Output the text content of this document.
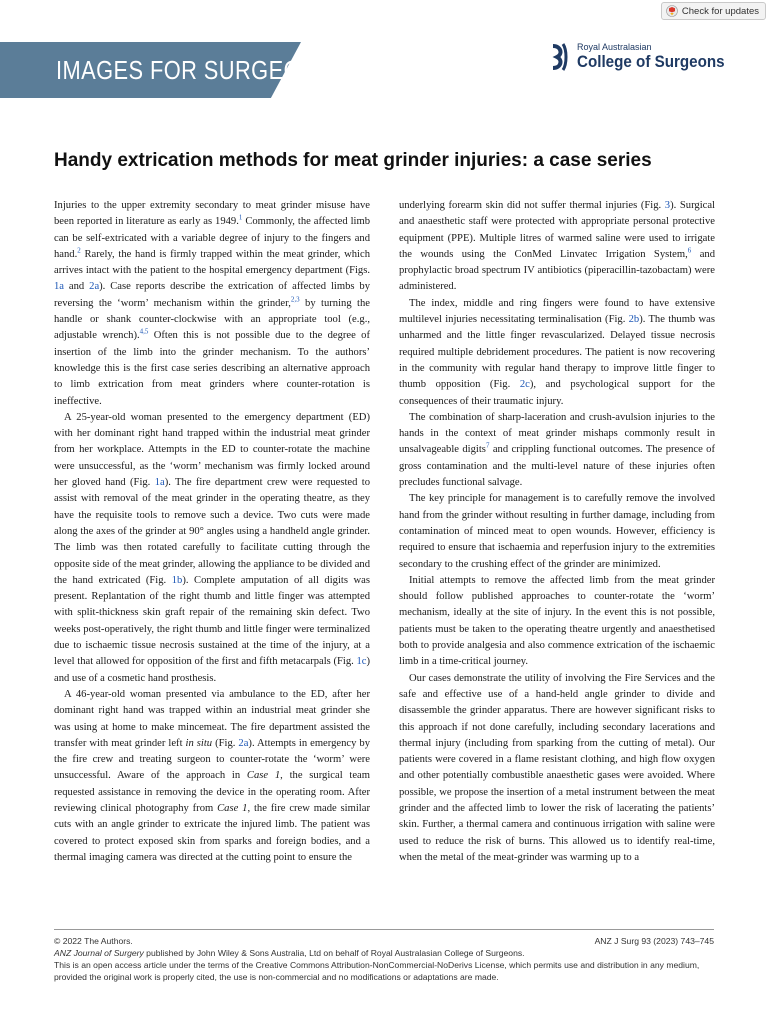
Check for updates
IMAGES FOR SURGEONS
Royal Australasian
College of Surgeons
Handy extrication methods for meat grinder injuries: a case series

Injuries to the upper extremity secondary to meat grinder misuse have been reported in literature as early as 1949.$^1$ Commonly, the affected limb can be self-extricated with a variable degree of injury to the fingers and hand.$^2$ Rarely, the hand is firmly trapped within the meat grinder, which arrives intact with the patient to the hospital emergency department (Figs. 1a and 2a). Case reports describe the extrication of affected limbs by reversing the ‘worm’ mechanism within the grinder,$^{2,3}$ by turning the handle or shank counter-clockwise with an appropriate tool (e.g., adjustable wrench).$^{4,5}$ Often this is not possible due to the degree of insertion of the limb into the grinder mechanism. To the authors’ knowledge this is the first case series describing an alternative approach to limb extrication from meat grinders where counter-rotation is ineffective.

A 25-year-old woman presented to the emergency department (ED) with her dominant right hand trapped within the industrial meat grinder from her workplace. Attempts in the ED to counter-rotate the machine were unsuccessful, as the ‘worm’ mechanism was firmly locked around her gloved hand (Fig. 1a). The fire department crew were requested to assist with removal of the meat grinder in the operating theatre, as they have the requisite tools to remove such a device. Two cuts were made along the axes of the grinder at 90° angles using a handheld angle grinder. The limb was then rotated carefully to facilitate cutting through the opposite side of the meat grinder, allowing the appliance to be divided and the hand extricated (Fig. 1b). Complete amputation of all digits was present. Replantation of the right thumb and little finger was attempted with split-thickness skin graft repair of the remaining skin defect. Two weeks post-operatively, the right thumb and little finger were terminalized due to ischaemic tissue necrosis sustained at the time of the injury, at a level that allowed for opposition of the first and fifth metacarpals (Fig. 1c) and use of a cosmetic hand prosthesis.

A 46-year-old woman presented via ambulance to the ED, after her dominant right hand was trapped within an industrial meat grinder she was using at home to make mincemeat. The fire department assisted the transfer with meat grinder left in situ (Fig. 2a). Attempts in emergency by the fire crew and treating surgeon to counter-rotate the ‘worm’ were unsuccessful. Aware of the approach in Case 1, the surgical team requested assistance in removing the device in the operating room. After reviewing clinical photography from Case 1, the fire crew made similar cuts with an angle grinder to extricate the injured limb. The patient was covered to protect exposed skin from sparks and foreign bodies, and a thermal imaging camera was directed at the cutting point to ensure the

underlying forearm skin did not suffer thermal injuries (Fig. 3). Surgical and anaesthetic staff were protected with appropriate personal protective equipment (PPE). Multiple litres of warmed saline were used to irrigate the wounds using the ConMed Linvatec Irrigation System,$^6$ and prophylactic broad spectrum IV antibiotics (piperacillin-tazobactam) were administered.

The index, middle and ring fingers were found to have extensive multilevel injuries necessitating terminalisation (Fig. 2b). The thumb was unharmed and the little finger revascularized. Delayed tissue necrosis required multiple debridement procedures. The patient is now recovering in the community with regular hand therapy to improve little finger to thumb opposition (Fig. 2c), and psychological support for the consequences of their traumatic injury.

The combination of sharp-laceration and crush-avulsion injuries to the hands in the context of meat grinder mishaps commonly result in unsalvageable digits$^7$ and crippling functional outcomes. The presence of gross contamination and the multi-level nature of these injuries often precludes functional salvage.

The key principle for management is to carefully remove the involved hand from the grinder without resulting in further damage, including from contamination of minced meat to open wounds. However, efficiency is required to ensure that ischaemia and reperfusion injury to the extremities secondary to the crushing effect of the grinder are minimized.

Initial attempts to remove the affected limb from the meat grinder should follow published approaches to counter-rotate the ‘worm’ mechanism, ideally at the site of injury. In the event this is not possible, patients must be taken to the operating theatre urgently and anaesthetised both to provide analgesia and also commence extrication of the ischaemic limb in a time-critical journey.

Our cases demonstrate the utility of involving the Fire Services and the safe and effective use of a hand-held angle grinder to divide and disassemble the grinder apparatus. There are however significant risks to this approach if not done carefully, including secondary lacerations and thermal injury (including from sparking from the cutting of metal). Our patients were covered in a flame resistant clothing, and high flow oxygen and other potentially combustible anaesthetic gases were avoided. Where possible, we propose the insertion of a metal instrument between the meat grinder and the affected limb to lower the risk of lacerating the patients’ skin. Further, a thermal camera and continuous irrigation with saline were used to reduce the risk of burns. This allowed us to identify real-time, when the metal of the meat-grinder was warming up to a

© 2022 The Authors.	ANZ J Surg 93 (2023) 743–745
ANZ Journal of Surgery published by John Wiley & Sons Australia, Ltd on behalf of Royal Australasian College of Surgeons.
This is an open access article under the terms of the Creative Commons Attribution-NonCommercial-NoDerivs License, which permits use and distribution in any medium, provided the original work is properly cited, the use is non-commercial and no modifications or adaptations are made.
